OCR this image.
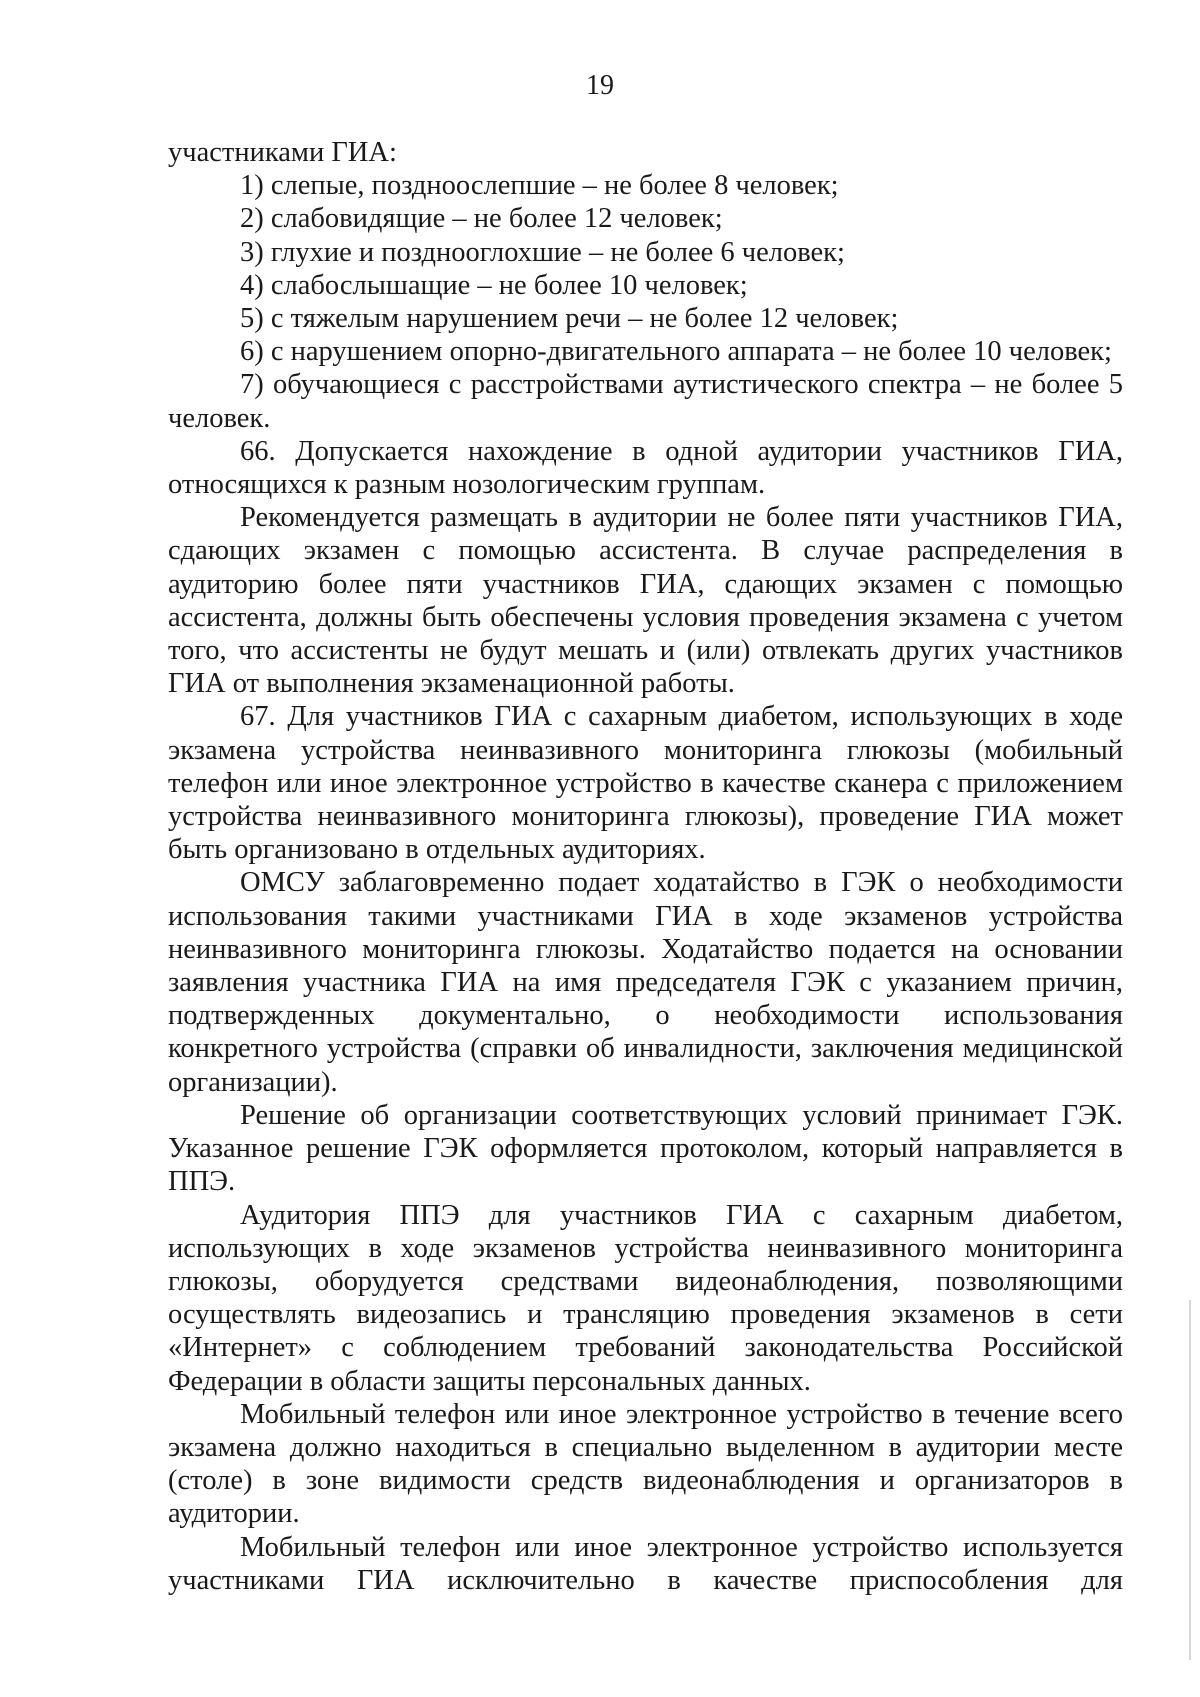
19

участниками ГИА:

1) слепые, поздноослепшие – не более 8 человек;

2) слабовидящие – не более 12 человек;

3) глухие и позднооглохшие – не более 6 человек;

4) слабослышащие – не более 10 человек;

5) с тяжелым нарушением речи – не более 12 человек;

6) с нарушением опорно-двигательного аппарата – не более 10 человек;

7) обучающиеся с расстройствами аутистического спектра – не более 5 человек.

66. Допускается нахождение в одной аудитории участников ГИА, относящихся к разным нозологическим группам.

Рекомендуется размещать в аудитории не более пяти участников ГИА, сдающих экзамен с помощью ассистента. В случае распределения в аудиторию более пяти участников ГИА, сдающих экзамен с помощью ассистента, должны быть обеспечены условия проведения экзамена с учетом того, что ассистенты не будут мешать и (или) отвлекать других участников ГИА от выполнения экзаменационной работы.

67. Для участников ГИА с сахарным диабетом, использующих в ходе экзамена устройства неинвазивного мониторинга глюкозы (мобильный телефон или иное электронное устройство в качестве сканера с приложением устройства неинвазивного мониторинга глюкозы), проведение ГИА может быть организовано в отдельных аудиториях.

ОМСУ заблаговременно подает ходатайство в ГЭК о необходимости использования такими участниками ГИА в ходе экзаменов устройства неинвазивного мониторинга глюкозы. Ходатайство подается на основании заявления участника ГИА на имя председателя ГЭК с указанием причин, подтвержденных документально, о необходимости использования конкретного устройства (справки об инвалидности, заключения медицинской организации).

Решение об организации соответствующих условий принимает ГЭК. Указанное решение ГЭК оформляется протоколом, который направляется в ППЭ.

Аудитория ППЭ для участников ГИА с сахарным диабетом, использующих в ходе экзаменов устройства неинвазивного мониторинга глюкозы, оборудуется средствами видеонаблюдения, позволяющими осуществлять видеозапись и трансляцию проведения экзаменов в сети «Интернет» с соблюдением требований законодательства Российской Федерации в области защиты персональных данных.

Мобильный телефон или иное электронное устройство в течение всего экзамена должно находиться в специально выделенном в аудитории месте (столе) в зоне видимости средств видеонаблюдения и организаторов в аудитории.

Мобильный телефон или иное электронное устройство используется участниками ГИА исключительно в качестве приспособления для
